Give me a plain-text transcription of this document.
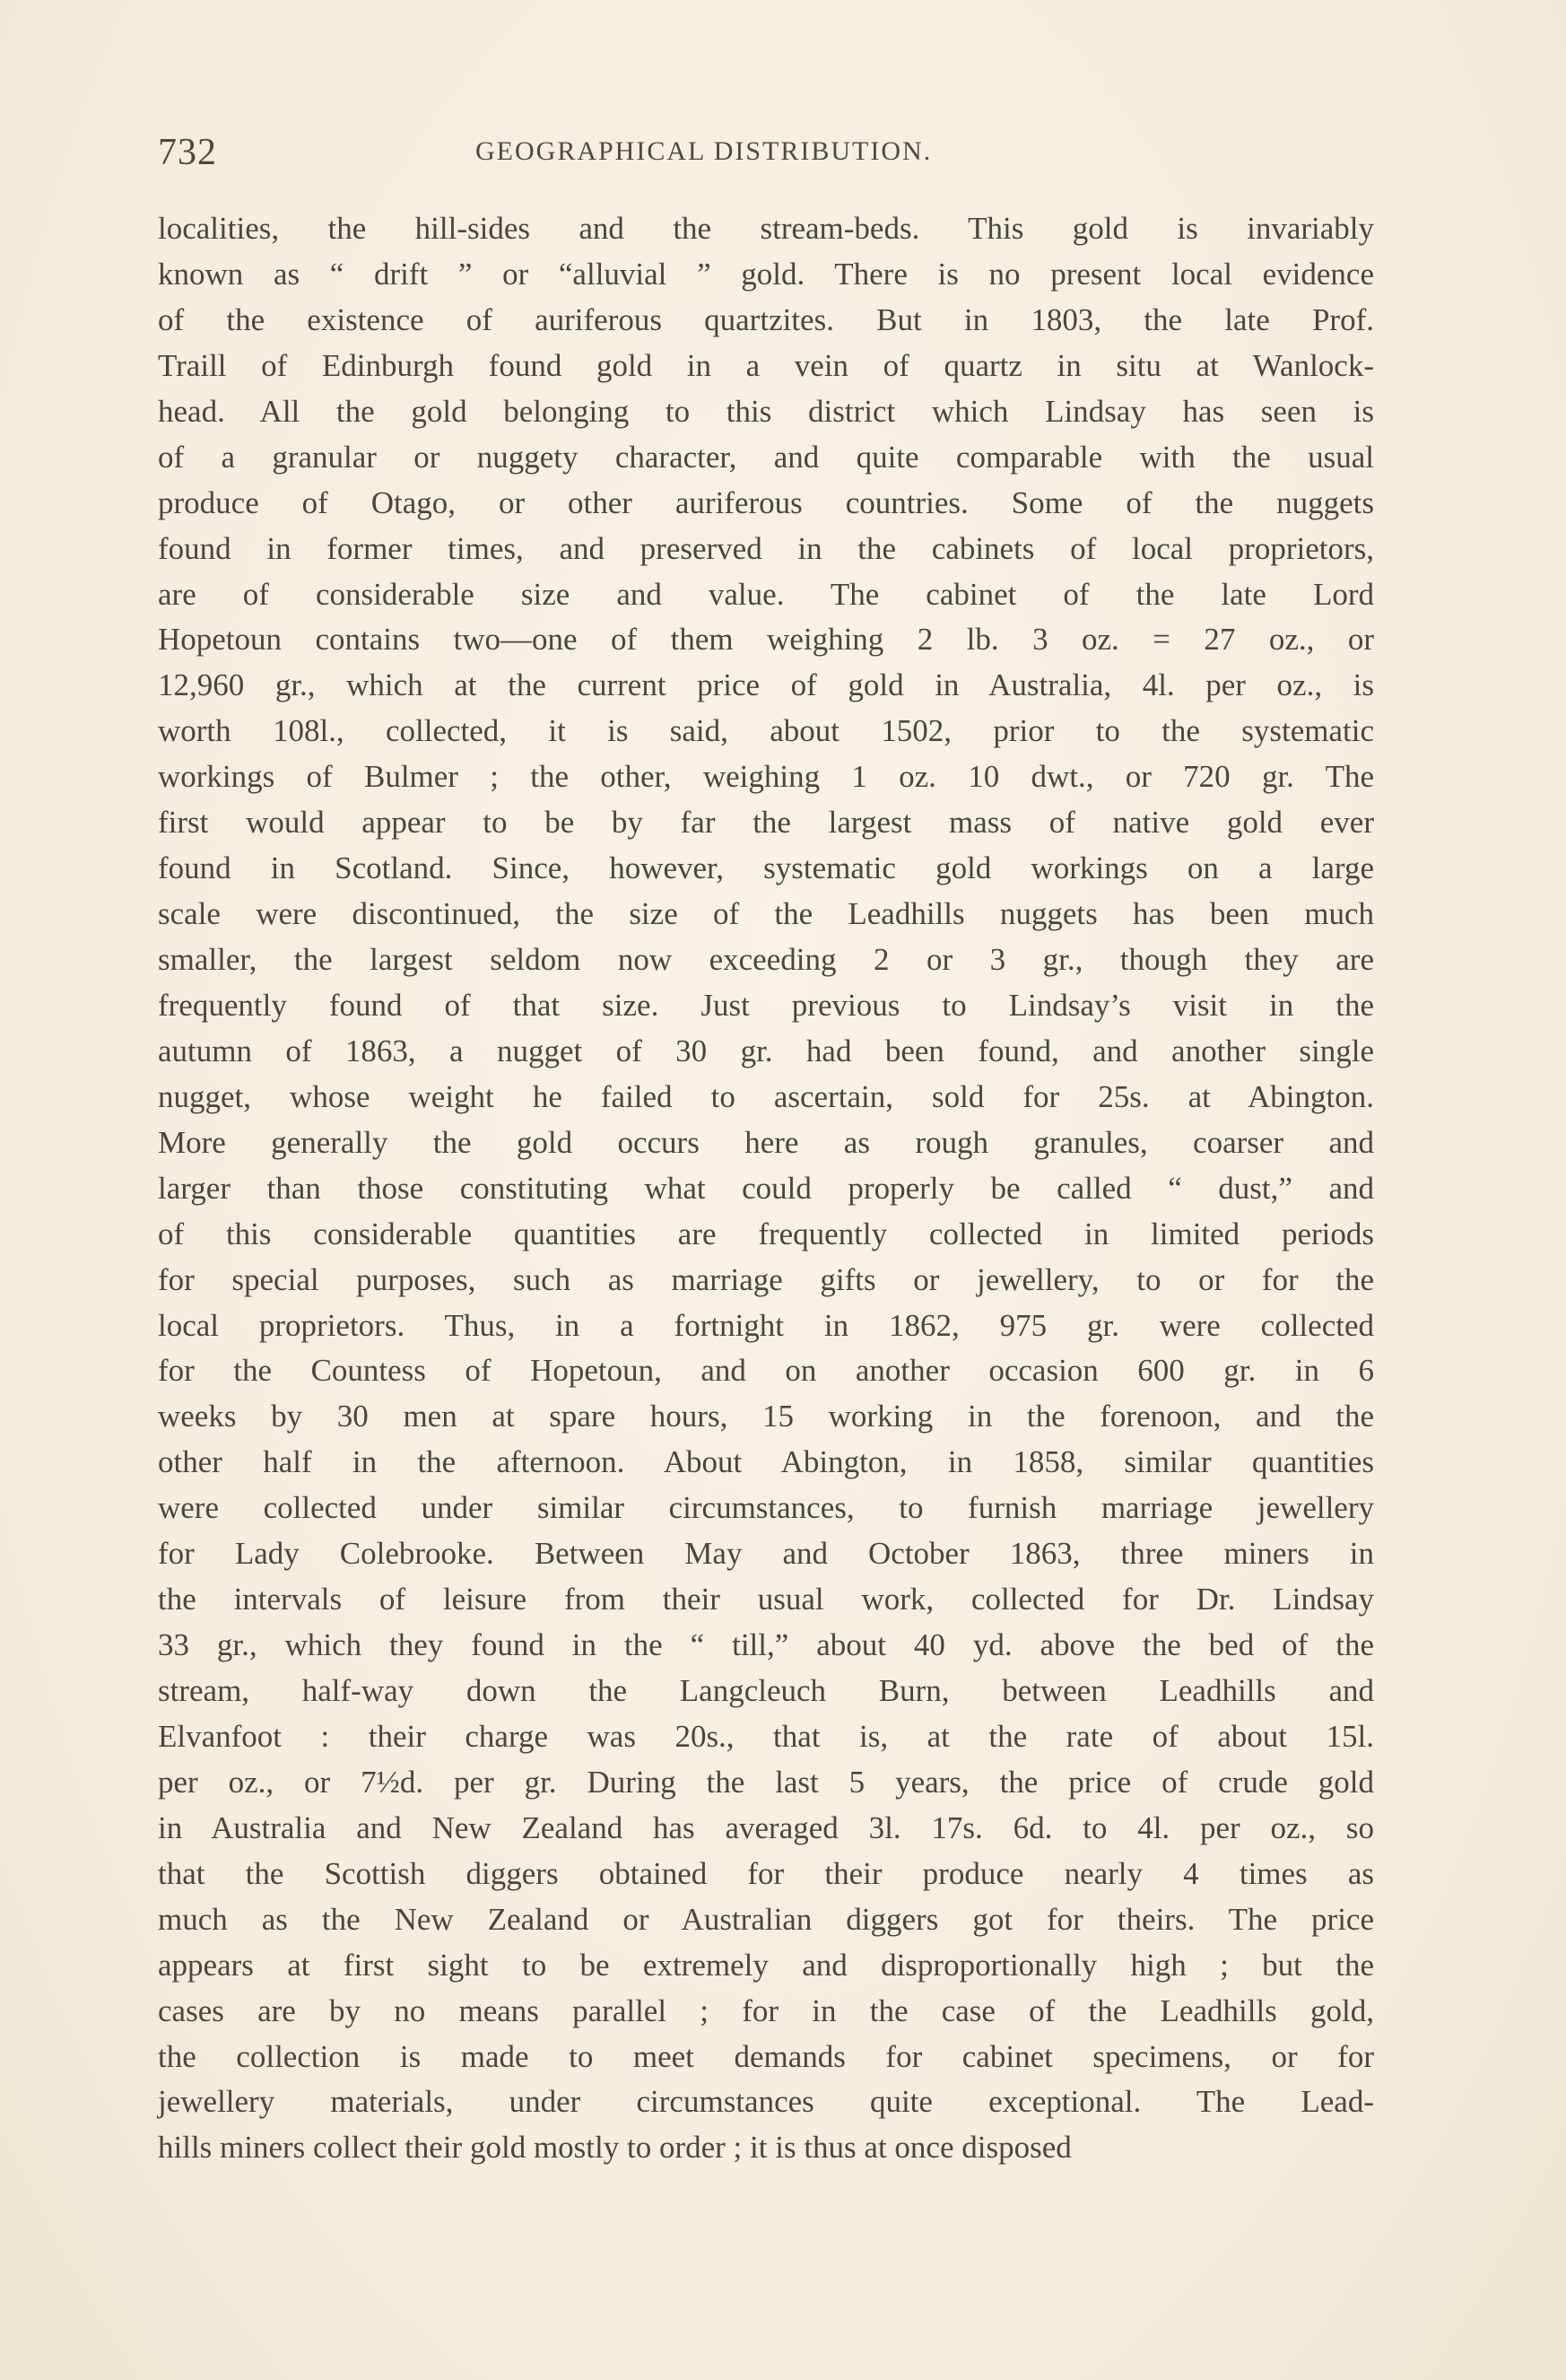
732	GEOGRAPHICAL DISTRIBUTION.
localities, the hill-sides and the stream-beds. This gold is invariably
known as “ drift ” or “alluvial ” gold. There is no present local evidence
of the existence of auriferous quartzites. But in 1803, the late Prof.
Traill of Edinburgh found gold in a vein of quartz in situ at Wanlock-
head. All the gold belonging to this district which Lindsay has seen is
of a granular or nuggety character, and quite comparable with the usual
produce of Otago, or other auriferous countries. Some of the nuggets
found in former times, and preserved in the cabinets of local proprietors,
are of considerable size and value. The cabinet of the late Lord
Hopetoun contains two—one of them weighing 2 lb. 3 oz. = 27 oz., or
12,960 gr., which at the current price of gold in Australia, 4l. per oz., is
worth 108l., collected, it is said, about 1502, prior to the systematic
workings of Bulmer ; the other, weighing 1 oz. 10 dwt., or 720 gr. The
first would appear to be by far the largest mass of native gold ever
found in Scotland. Since, however, systematic gold workings on a large
scale were discontinued, the size of the Leadhills nuggets has been much
smaller, the largest seldom now exceeding 2 or 3 gr., though they are
frequently found of that size. Just previous to Lindsay’s visit in the
autumn of 1863, a nugget of 30 gr. had been found, and another single
nugget, whose weight he failed to ascertain, sold for 25s. at Abington.
More generally the gold occurs here as rough granules, coarser and
larger than those constituting what could properly be called “ dust,” and
of this considerable quantities are frequently collected in limited periods
for special purposes, such as marriage gifts or jewellery, to or for the
local proprietors. Thus, in a fortnight in 1862, 975 gr. were collected
for the Countess of Hopetoun, and on another occasion 600 gr. in 6
weeks by 30 men at spare hours, 15 working in the forenoon, and the
other half in the afternoon. About Abington, in 1858, similar quantities
were collected under similar circumstances, to furnish marriage jewellery
for Lady Colebrooke. Between May and October 1863, three miners in
the intervals of leisure from their usual work, collected for Dr. Lindsay
33 gr., which they found in the “ till,” about 40 yd. above the bed of the
stream, half-way down the Langcleuch Burn, between Leadhills and
Elvanfoot : their charge was 20s., that is, at the rate of about 15l.
per oz., or 7½d. per gr. During the last 5 years, the price of crude gold
in Australia and New Zealand has averaged 3l. 17s. 6d. to 4l. per oz., so
that the Scottish diggers obtained for their produce nearly 4 times as
much as the New Zealand or Australian diggers got for theirs. The price
appears at first sight to be extremely and disproportionally high ; but the
cases are by no means parallel ; for in the case of the Leadhills gold,
the collection is made to meet demands for cabinet specimens, or for
jewellery materials, under circumstances quite exceptional. The Lead-
hills miners collect their gold mostly to order ; it is thus at once disposed
